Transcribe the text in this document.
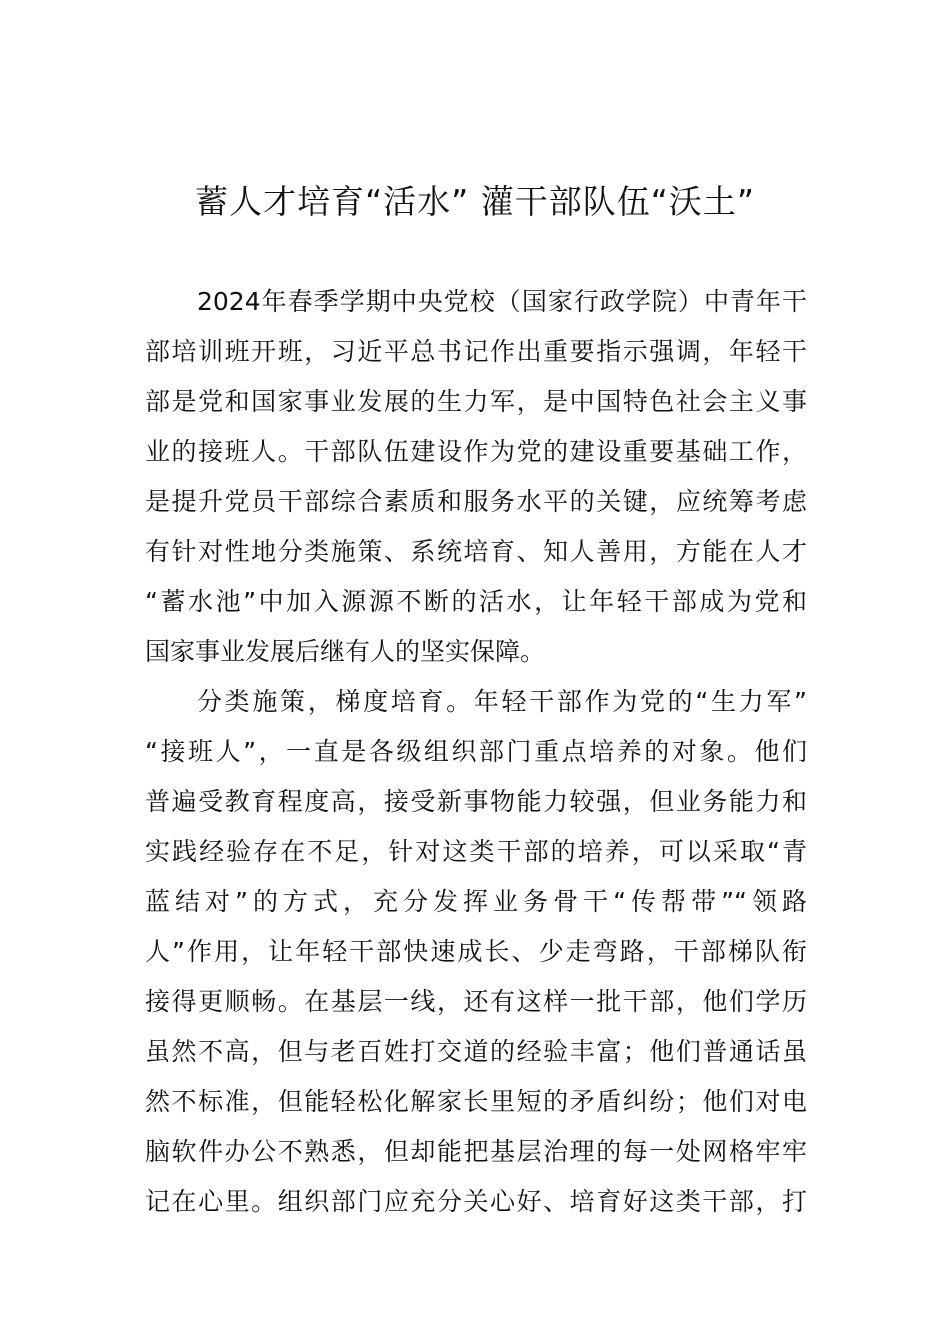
蓄人才培育“活水” 灌干部队伍“沃土”
2024年春季学期中央党校（国家行政学院）中青年干
部培训班开班，习近平总书记作出重要指示强调，年轻干
部是党和国家事业发展的生力军，是中国特色社会主义事
业的接班人。干部队伍建设作为党的建设重要基础工作，
是提升党员干部综合素质和服务水平的关键，应统筹考虑
有针对性地分类施策、系统培育、知人善用，方能在人才
“蓄水池”中加入源源不断的活水，让年轻干部成为党和
国家事业发展后继有人的坚实保障。
分类施策，梯度培育。年轻干部作为党的“生力军”
“接班人”，一直是各级组织部门重点培养的对象。他们
普遍受教育程度高，接受新事物能力较强，但业务能力和
实践经验存在不足，针对这类干部的培养，可以采取“青
蓝结对”的方式，充分发挥业务骨干“传帮带”“领路
人”作用，让年轻干部快速成长、少走弯路，干部梯队衔
接得更顺畅。在基层一线，还有这样一批干部，他们学历
虽然不高，但与老百姓打交道的经验丰富；他们普通话虽
然不标准，但能轻松化解家长里短的矛盾纠纷；他们对电
脑软件办公不熟悉，但却能把基层治理的每一处网格牢牢
记在心里。组织部门应充分关心好、培育好这类干部，打
